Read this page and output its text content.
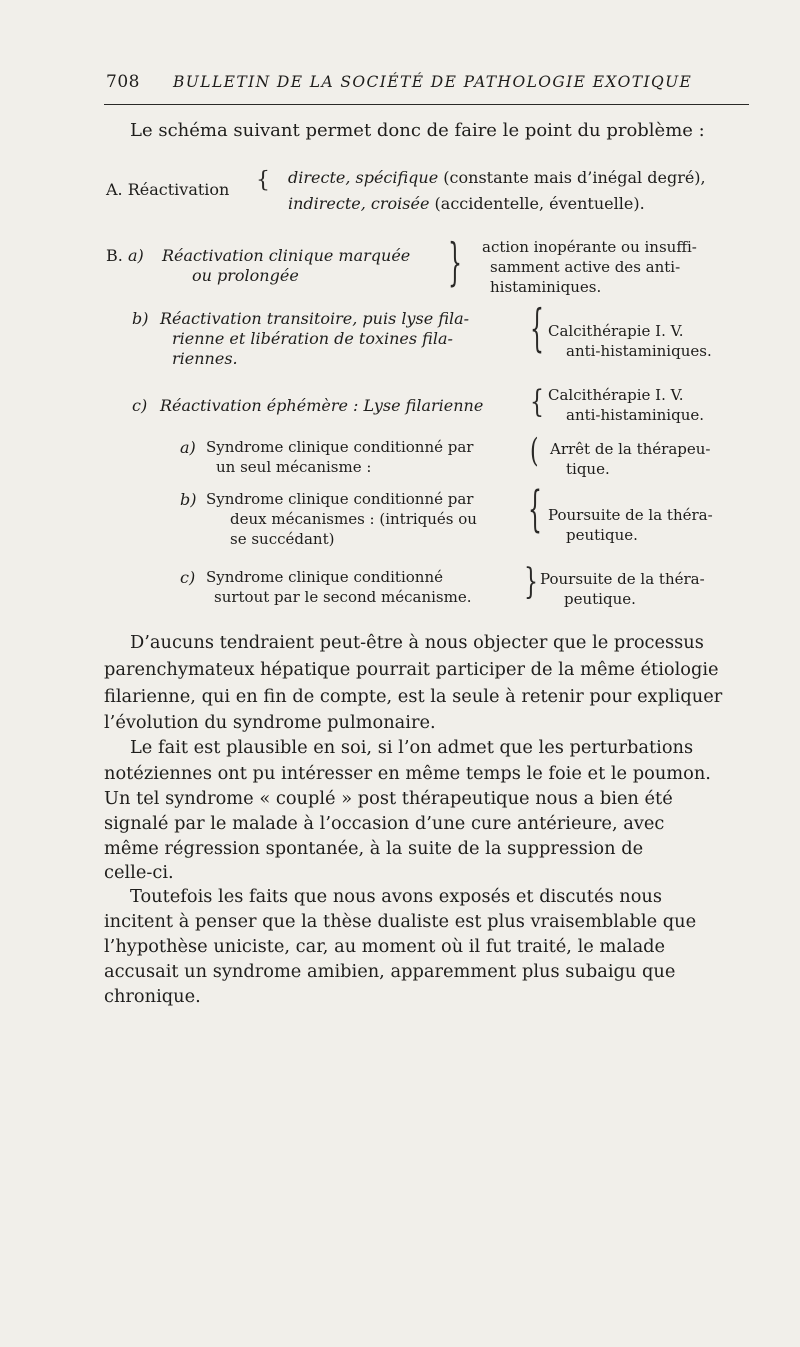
708 BULLETIN DE LA SOCIÉTÉ DE PATHOLOGIE EXOTIQUE
Le schéma suivant permet donc de faire le point du problème :
A. Réactivation { directe, spécifique (constante mais d’inégal degré),
indirecte, croisée (accidentelle, éventuelle).
B. a) Réactivation clinique marquée
ou prolongée	} action inopérante ou insuffi-
samment active des anti-
histaminiques.
b) Réactivation transitoire, puis lyse fila-
rienne et libération de toxines fila-
riennes.	{ Calcithérapie I. V.
anti-histaminiques.
c) Réactivation éphémère : Lyse filarienne { Calcithérapie I. V.
anti-histaminique.
a) Syndrome clinique conditionné par
un seul mécanisme :	( Arrêt de la thérapeu-
tique.
b) Syndrome clinique conditionné par
deux mécanismes : (intriqués ou
se succédant)
{ Poursuite de la théra-
peutique.
c) Syndrome clinique conditionné
surtout par le second mécanisme. } Poursuite de la théra-
peutique.
D’aucuns tendraient peut-être à nous objecter que le processus
parenchymateux hépatique pourrait participer de la même étiologie
filarienne, qui en fin de compte, est la seule à retenir pour expliquer
l’évolution du syndrome pulmonaire.
Le fait est plausible en soi, si l’on admet que les perturbations
notéziennes ont pu intéresser en même temps le foie et le poumon.
Un tel syndrome « couplé » post thérapeutique nous a bien été
signalé par le malade à l’occasion d’une cure antérieure, avec
même régression spontanée, à la suite de la suppression de
celle-ci.
Toutefois les faits que nous avons exposés et discutés nous
incitent à penser que la thèse dualiste est plus vraisemblable que
l’hypothèse uniciste, car, au moment où il fut traité, le malade
accusait un syndrome amibien, apparemment plus subaigu que
chronique.
